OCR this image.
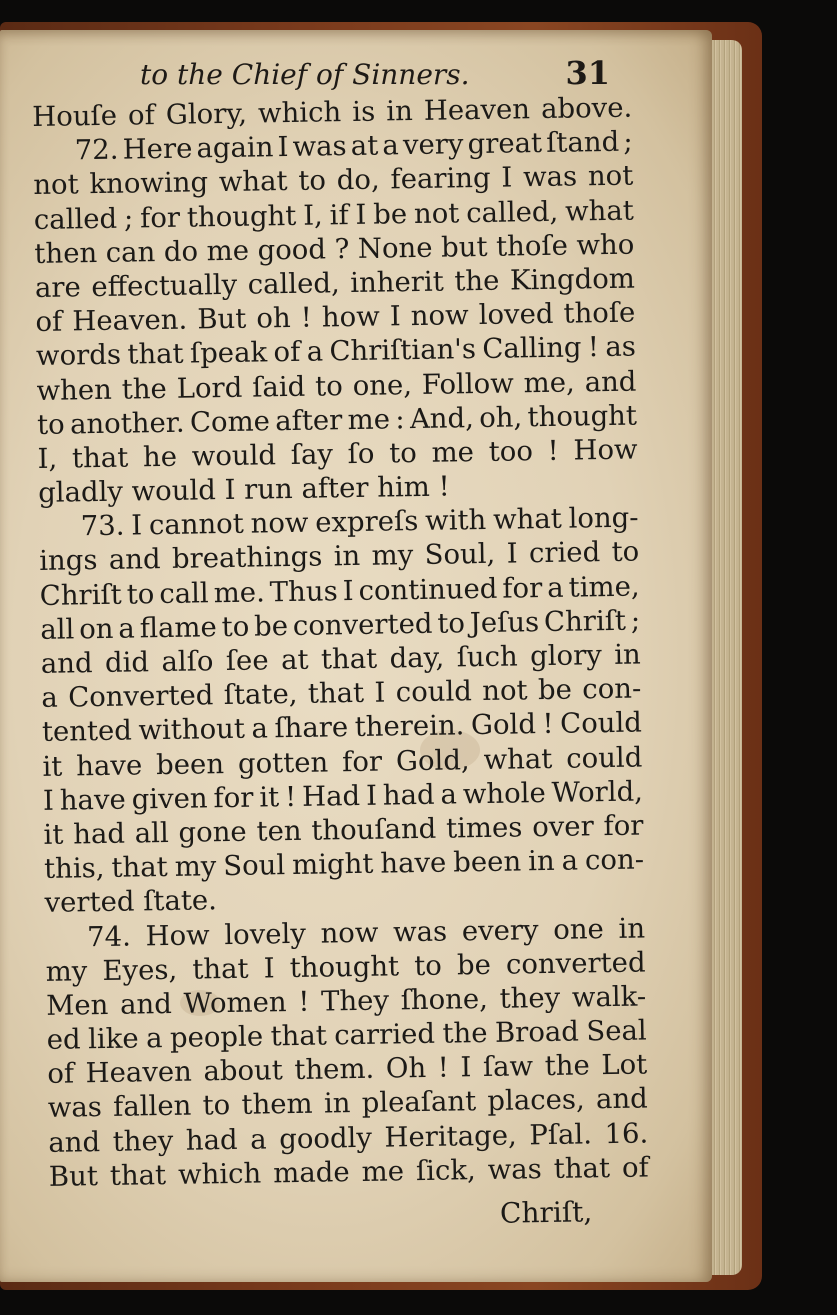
to the Chief of Sinners.	31
Houſe of Glory, which is in Heaven above.
72. Here again I was at a very great ſtand ;
not knowing what to do, fearing I was not
called ; for thought I, if I be not called, what
then can do me good ? None but thoſe who
are effectually called, inherit the Kingdom
of Heaven. But oh ! how I now loved thoſe
words that ſpeak of a Chriſtian's Calling ! as
when the Lord ſaid to one, Follow me, and
to another. Come after me : And, oh, thought
I, that he would ſay ſo to me too ! How
gladly would I run after him !
73. I cannot now expreſs with what long-
ings and breathings in my Soul, I cried to
Chriſt to call me. Thus I continued for a time,
all on a flame to be converted to Jeſus Chriſt ;
and did alſo ſee at that day, ſuch glory in
a Converted ſtate, that I could not be con-
tented without a ſhare therein. Gold ! Could
it have been gotten for Gold, what could
I have given for it ! Had I had a whole World,
it had all gone ten thouſand times over for
this, that my Soul might have been in a con-
verted ſtate.
74. How lovely now was every one in
my Eyes, that I thought to be converted
Men and Women ! They ſhone, they walk-
ed like a people that carried the Broad Seal
of Heaven about them. Oh ! I ſaw the Lot
was fallen to them in pleaſant places, and
and they had a goodly Heritage, Pſal. 16.
But that which made me ſick, was that of
Chriſt,
